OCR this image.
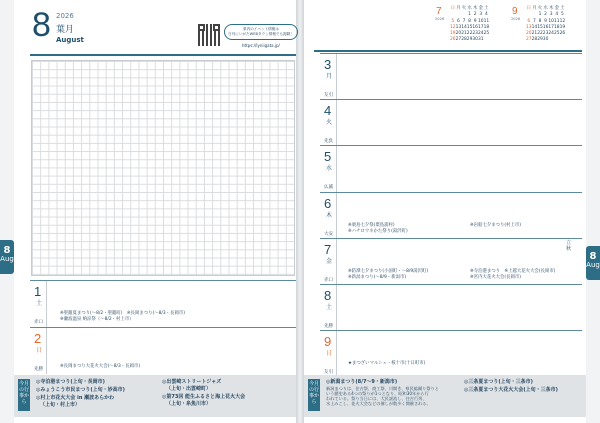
8 2026
葉月
August
県内のイベント情報は
日刊にいがたWEBタウン情報でも掲載！
https://lyniigata.jp/
1
土
赤口
※聖籠夏まつり(〜8/2・聖籠町)　※長岡まつり(〜8/3・長岡市)
※瀬波温泉 納涼祭（〜8/2・村上市）
2
日
先勝
※長岡まつり大花火大会(〜8/3・長岡市)
今月の行事から
◎寺泊港まつり(上旬・長岡市)
◎みょうこう市民まつり(上旬・妙高市)
◎村上市花火大会 in 瀬波あらかわ
（上旬・村上市）
◎出雲崎ストリートジャズ
（上旬・出雲崎町）
◎第73回 能生ふるさと海上花火大会
（上旬・糸魚川市）
8
Aug
7
2026
日	月	火	水	木	金	土
			1	2	3	4
5	6	7	8	9	10	11
12	13	14	15	16	17	18
19	20	21	22	23	24	25
26	27	28	29	30	31	
9
2026
日	月	火	水	木	金	土
		1	2	3	4	5
6	7	8	9	10	11	12
13	14	15	16	17	18	19
20	21	22	23	24	25	26
27	28	29	30			
3
月
友引
4
火
先負
5
水
仏滅
6
木
大安
※栗島七夕祭(粟島浦村)
※ハチロウネかた祭り(湯沢町)
※岩船七夕まつり(村上市)
7
金
赤口
※防潭七夕まつり(小国町・〜8/9湯沢町)
※新潟まつり(〜8/9・新潟市)
※寺泊港まつり　※上越大花火大会(長岡市)
※宮内大花火大会(長岡市)
8
土
先勝
9
日
友引
★まつざいマルシェ・桜十市(十日町市)
立秋
今月の行事から
◎新潟まつり(8/7〜9・新潟市)
新潟まつりは、住吉祭、商工祭、川開き、県民総踊り祭りと
いう歴史ある4つの祭りが1つとなり、昭和30年から行
われている。祭り当日には、大民謡流し、住吉行列、
水上みこし、花火大会などの催しが数多く開催される。
◎三条夏まつり(上旬・三条市)
◎三条夏まつり大花火大会(上旬・三条市)
8
Aug
